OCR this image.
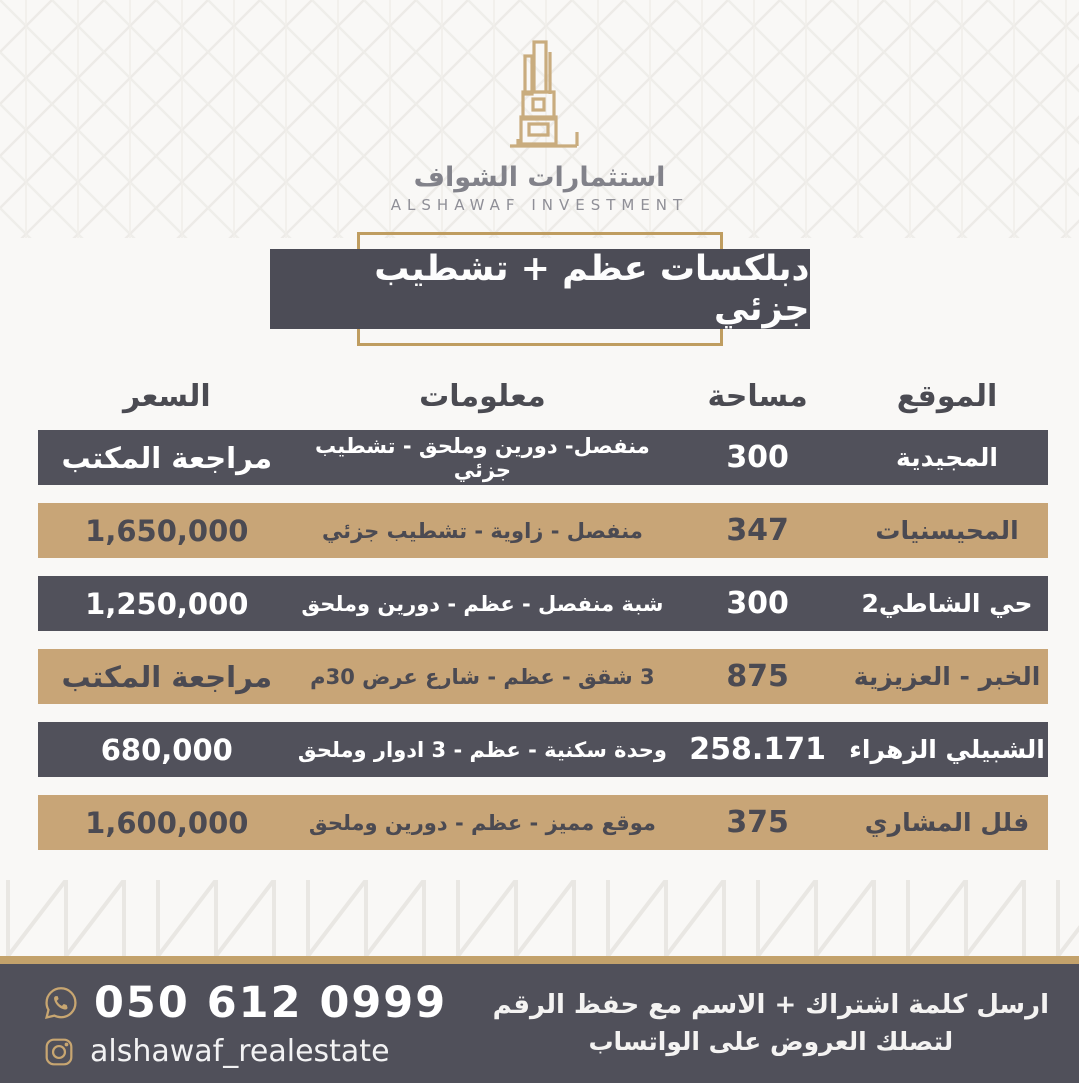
استثمارات الشواف
ALSHAWAF INVESTMENT
دبلكسات عظم + تشطيب جزئي
الموقع
مساحة
معلومات
السعر
المجيدية
300
منفصل- دورين وملحق - تشطيب جزئي
مراجعة المكتب
المحيسنيات
347
منفصل - زاوية - تشطيب جزئي
1,650,000
حي الشاطي2
300
شبة منفصل - عظم - دورين وملحق
1,250,000
الخبر - العزيزية
875
3 شقق - عظم - شارع عرض 30م
مراجعة المكتب
الشبيلي الزهراء
258.171
وحدة سكنية - عظم - 3 ادوار وملحق
680,000
فلل المشاري
375
موقع مميز - عظم - دورين وملحق
1,600,000
050 612 0999
alshawaf_realestate
ارسل كلمة اشتراك + الاسم مع حفظ الرقم
لتصلك العروض على الواتساب
